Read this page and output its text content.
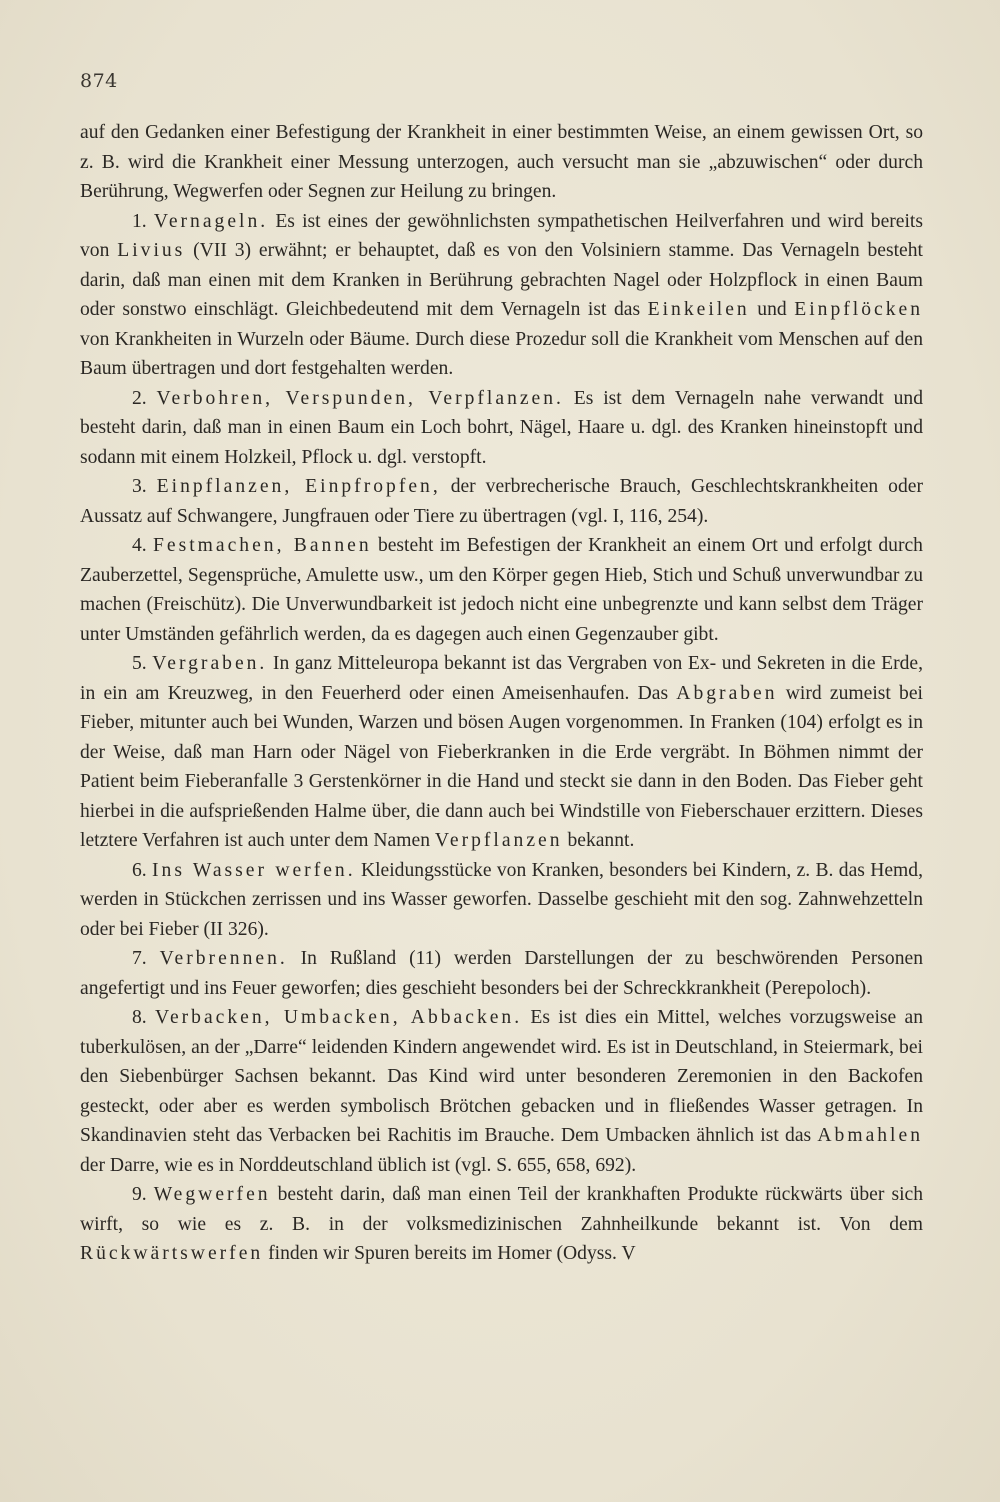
874

auf den Gedanken einer Befestigung der Krankheit in einer bestimmten Weise, an einem gewissen Ort, so z. B. wird die Krankheit einer Messung unterzogen, auch versucht man sie „abzuwischen“ oder durch Berührung, Wegwerfen oder Segnen zur Heilung zu bringen.

1. Vernageln. Es ist eines der gewöhnlichsten sympathetischen Heilverfahren und wird bereits von Livius (VII 3) erwähnt; er behauptet, daß es von den Volsiniern stamme. Das Vernageln besteht darin, daß man einen mit dem Kranken in Berührung gebrachten Nagel oder Holzpflock in einen Baum oder sonstwo einschlägt. Gleichbedeutend mit dem Vernageln ist das Einkeilen und Einpflöcken von Krankheiten in Wurzeln oder Bäume. Durch diese Prozedur soll die Krankheit vom Menschen auf den Baum übertragen und dort festgehalten werden.

2. Verbohren, Verspunden, Verpflanzen. Es ist dem Vernageln nahe verwandt und besteht darin, daß man in einen Baum ein Loch bohrt, Nägel, Haare u. dgl. des Kranken hineinstopft und sodann mit einem Holzkeil, Pflock u. dgl. verstopft.

3. Einpflanzen, Einpfropfen, der verbrecherische Brauch, Geschlechtskrankheiten oder Aussatz auf Schwangere, Jungfrauen oder Tiere zu übertragen (vgl. I, 116, 254).

4. Festmachen, Bannen besteht im Befestigen der Krankheit an einem Ort und erfolgt durch Zauberzettel, Segensprüche, Amulette usw., um den Körper gegen Hieb, Stich und Schuß unverwundbar zu machen (Freischütz). Die Unverwundbarkeit ist jedoch nicht eine unbegrenzte und kann selbst dem Träger unter Umständen gefährlich werden, da es dagegen auch einen Gegenzauber gibt.

5. Vergraben. In ganz Mitteleuropa bekannt ist das Vergraben von Ex- und Sekreten in die Erde, in ein am Kreuzweg, in den Feuerherd oder einen Ameisenhaufen. Das Abgraben wird zumeist bei Fieber, mitunter auch bei Wunden, Warzen und bösen Augen vorgenommen. In Franken (104) erfolgt es in der Weise, daß man Harn oder Nägel von Fieberkranken in die Erde vergräbt. In Böhmen nimmt der Patient beim Fieberanfalle 3 Gerstenkörner in die Hand und steckt sie dann in den Boden. Das Fieber geht hierbei in die aufsprießenden Halme über, die dann auch bei Windstille von Fieberschauer erzittern. Dieses letztere Verfahren ist auch unter dem Namen Verpflanzen bekannt.

6. Ins Wasser werfen. Kleidungsstücke von Kranken, besonders bei Kindern, z. B. das Hemd, werden in Stückchen zerrissen und ins Wasser geworfen. Dasselbe geschieht mit den sog. Zahnwehzetteln oder bei Fieber (II 326).

7. Verbrennen. In Rußland (11) werden Darstellungen der zu beschwörenden Personen angefertigt und ins Feuer geworfen; dies geschieht besonders bei der Schreckkrankheit (Perepoloch).

8. Verbacken, Umbacken, Abbacken. Es ist dies ein Mittel, welches vorzugsweise an tuberkulösen, an der „Darre“ leidenden Kindern angewendet wird. Es ist in Deutschland, in Steiermark, bei den Siebenbürger Sachsen bekannt. Das Kind wird unter besonderen Zeremonien in den Backofen gesteckt, oder aber es werden symbolisch Brötchen gebacken und in fließendes Wasser getragen. In Skandinavien steht das Verbacken bei Rachitis im Brauche. Dem Umbacken ähnlich ist das Abmahlen der Darre, wie es in Norddeutschland üblich ist (vgl. S. 655, 658, 692).

9. Wegwerfen besteht darin, daß man einen Teil der krankhaften Produkte rückwärts über sich wirft, so wie es z. B. in der volksmedizinischen Zahnheilkunde bekannt ist. Von dem Rückwärtswerfen finden wir Spuren bereits im Homer (Odyss. V
